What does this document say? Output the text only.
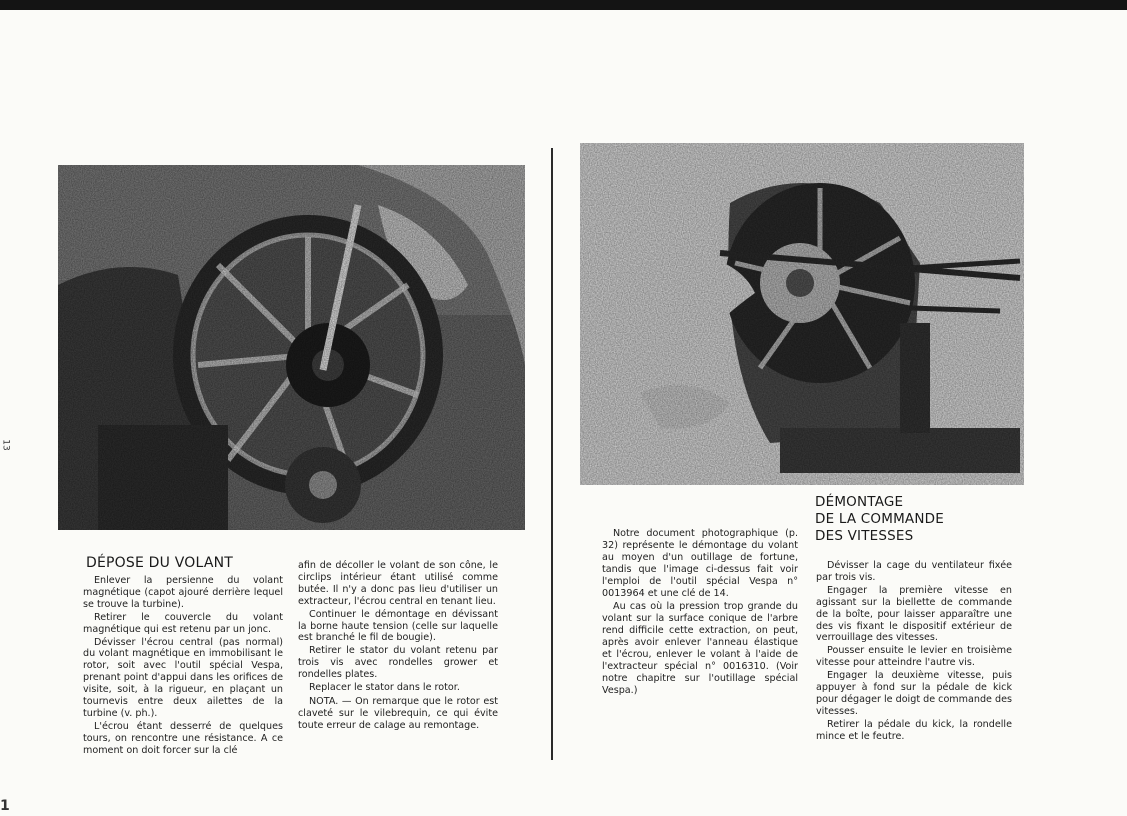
DÉPOSE DU VOLANT

Enlever la persienne du volant magnétique (capot ajouré derrière lequel se trouve la turbine).

Retirer le couvercle du volant magnétique qui est retenu par un jonc.

Dévisser l'écrou central (pas normal) du volant magnétique en immobilisant le rotor, soit avec l'outil spécial Vespa, prenant point d'appui dans les orifices de visite, soit, à la rigueur, en plaçant un tournevis entre deux ailettes de la turbine (v. ph.).

L'écrou étant desserré de quelques tours, on rencontre une résistance. A ce moment on doit forcer sur la clé

afin de décoller le volant de son cône, le circlips intérieur étant utilisé comme butée. Il n'y a donc pas lieu d'utiliser un extracteur, l'écrou central en tenant lieu.

Continuer le démontage en dévissant la borne haute tension (celle sur laquelle est branché le fil de bougie).

Retirer le stator du volant retenu par trois vis avec rondelles grower et rondelles plates.

Replacer le stator dans le rotor.

NOTA. — On remarque que le rotor est claveté sur le vilebrequin, ce qui évite toute erreur de calage au remontage.

Notre document photographique (p. 32) représente le démontage du volant au moyen d'un outillage de fortune, tandis que l'image ci-dessus fait voir l'emploi de l'outil spécial Vespa n° 0013964 et une clé de 14.

Au cas où la pression trop grande du volant sur la surface conique de l'arbre rend difficile cette extraction, on peut, après avoir enlever l'anneau élastique et l'écrou, enlever le volant à l'aide de l'extracteur spécial n° 0016310. (Voir notre chapitre sur l'outillage spécial Vespa.)

DÉMONTAGE
DE LA COMMANDE
DES VITESSES

Dévisser la cage du ventilateur fixée par trois vis.

Engager la première vitesse en agissant sur la biellette de commande de la boîte, pour laisser apparaître une des vis fixant le dispositif extérieur de verrouillage des vitesses.

Pousser ensuite le levier en troisième vitesse pour atteindre l'autre vis.

Engager la deuxième vitesse, puis appuyer à fond sur la pédale de kick pour dégager le doigt de commande des vitesses.

Retirer la pédale du kick, la rondelle mince et le feutre.

13
1
